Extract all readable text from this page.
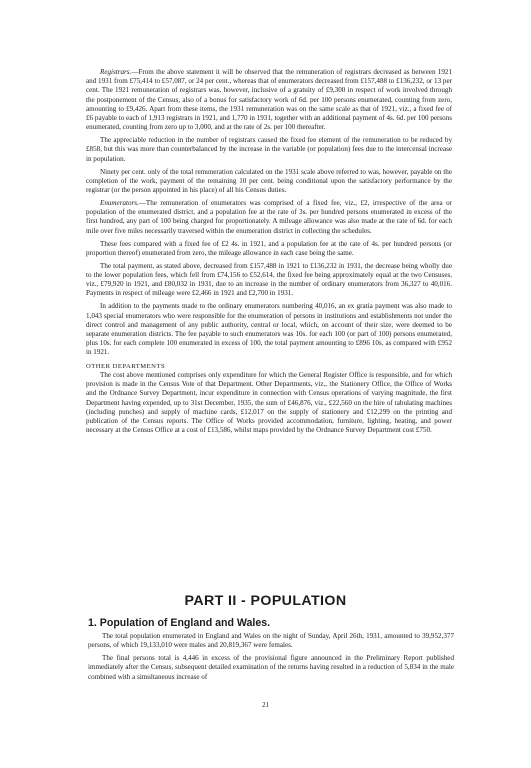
Registrars.—From the above statement it will be observed that the remuneration of registrars decreased as between 1921 and 1931 from £75,414 to £57,087, or 24 per cent., whereas that of enumerators decreased from £157,488 to £136,232, or 13 per cent. The 1921 remuneration of registrars was, however, inclusive of a gratuity of £9,300 in respect of work involved through the postponement of the Census, also of a bonus for satisfactory work of 6d. per 100 persons enumerated, counting from zero, amounting to £9,426. Apart from these items, the 1931 remuneration was on the same scale as that of 1921, viz., a fixed fee of £6 payable to each of 1,913 registrars in 1921, and 1,770 in 1931, together with an additional payment of 4s. 6d. per 100 persons enumerated, counting from zero up to 3,000, and at the rate of 2s. per 100 thereafter.

The appreciable reduction in the number of registrars caused the fixed fee element of the remuneration to be reduced by £858, but this was more than counterbalanced by the increase in the variable (or population) fees due to the intercensal increase in population.

Ninety per cent. only of the total remuneration calculated on the 1931 scale above referred to was, however, payable on the completion of the work, payment of the remaining 10 per cent. being conditional upon the satisfactory performance by the registrar (or the person appointed in his place) of all his Census duties.

Enumerators.—The remuneration of enumerators was comprised of a fixed fee, viz., £2, irrespective of the area or population of the enumerated district, and a population fee at the rate of 3s. per hundred persons enumerated in excess of the first hundred, any part of 100 being charged for proportionately. A mileage allowance was also made at the rate of 6d. for each mile over five miles necessarily traversed within the enumeration district in collecting the schedules.

These fees compared with a fixed fee of £2 4s. in 1921, and a population fee at the rate of 4s. per hundred persons (or proportion thereof) enumerated from zero, the mileage allowance in each case being the same.

The total payment, as stated above, decreased from £157,488 in 1921 to £136,232 in 1931, the decrease being wholly due to the lower population fees, which fell from £74,156 to £52,614, the fixed fee being approximately equal at the two Censuses, viz., £79,920 in 1921, and £80,032 in 1931, due to an increase in the number of ordinary enumerators from 36,327 to 40,016. Payments in respect of mileage were £2,466 in 1921 and £2,700 in 1931.

In addition to the payments made to the ordinary enumerators numbering 40,016, an ex gratia payment was also made to 1,043 special enumerators who were responsible for the enumeration of persons in institutions and establishments not under the direct control and management of any public authority, central or local, which, on account of their size, were deemed to be separate enumeration districts. The fee payable to such enumerators was 10s. for each 100 (or part of 100) persons enumerated, plus 10s. for each complete 100 enumerated in excess of 100, the total payment amounting to £896 10s. as compared with £952 in 1921.

OTHER DEPARTMENTS

The cost above mentioned comprises only expenditure for which the General Register Office is responsible, and for which provision is made in the Census Vote of that Department. Other Departments, viz., the Stationery Office, the Office of Works and the Ordnance Survey Department, incur expenditure in connection with Census operations of varying magnitude, the first Department having expended, up to 31st December, 1935, the sum of £46,876, viz., £22,560 on the hire of tabulating machines (including punches) and supply of machine cards, £12,017 on the supply of stationery and £12,299 on the printing and publication of the Census reports. The Office of Works provided accommodation, furniture, lighting, heating, and power necessary at the Census Office at a cost of £13,586, whilst maps provided by the Ordnance Survey Department cost £750.

PART II - POPULATION
1. Population of England and Wales.

The total population enumerated in England and Wales on the night of Sunday, April 26th, 1931, amounted to 39,952,377 persons, of which 19,133,010 were males and 20,819,367 were females.

The final persons total is 4,446 in excess of the provisional figure announced in the Preliminary Report published immediately after the Census, subsequent detailed examination of the returns having resulted in a reduction of 5,834 in the male combined with a simultaneous increase of

21
